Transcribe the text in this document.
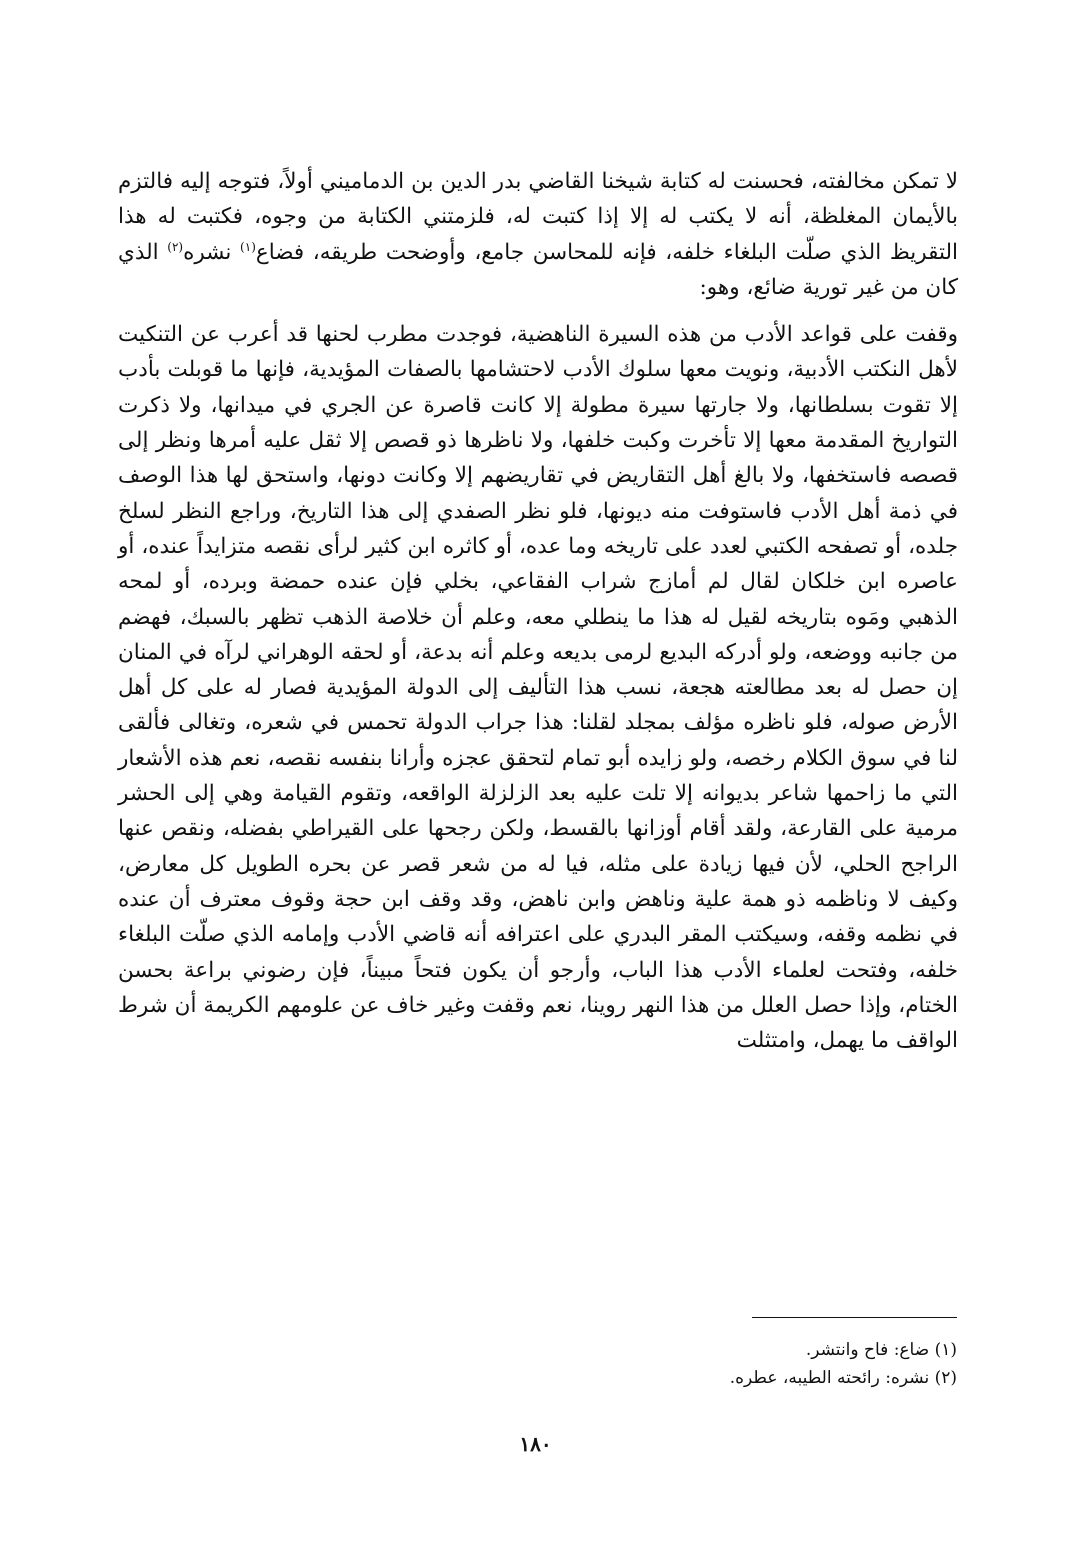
لا تمكن مخالفته، فحسنت له كتابة شيخنا القاضي بدر الدين بن الدماميني أولاً، فتوجه إليه فالتزم بالأيمان المغلظة، أنه لا يكتب له إلا إذا كتبت له، فلزمتني الكتابة من وجوه، فكتبت له هذا التقريظ الذي صلّت البلغاء خلفه، فإنه للمحاسن جامع، وأوضحت طريقه، فضاع$^{(١)}$ نشره$^{(٢)}$ الذي كان من غير تورية ضائع، وهو:

وقفت على قواعد الأدب من هذه السيرة الناهضية، فوجدت مطرب لحنها قد أعرب عن التنكيت لأهل النكتب الأدبية، ونويت معها سلوك الأدب لاحتشامها بالصفات المؤيدية، فإنها ما قوبلت بأدب إلا تقوت بسلطانها، ولا جارتها سيرة مطولة إلا كانت قاصرة عن الجري في ميدانها، ولا ذكرت التواريخ المقدمة معها إلا تأخرت وكبت خلفها، ولا ناظرها ذو قصص إلا ثقل عليه أمرها ونظر إلى قصصه فاستخفها، ولا بالغ أهل التقاريض في تقاريضهم إلا وكانت دونها، واستحق لها هذا الوصف في ذمة أهل الأدب فاستوفت منه ديونها، فلو نظر الصفدي إلى هذا التاريخ، وراجع النظر لسلخ جلده، أو تصفحه الكتبي لعدد على تاريخه وما عده، أو كاثره ابن كثير لرأى نقصه متزايداً عنده، أو عاصره ابن خلكان لقال لم أمازج شراب الفقاعي، بخلي فإن عنده حمضة وبرده، أو لمحه الذهبي ومَوه بتاريخه لقيل له هذا ما ينطلي معه، وعلم أن خلاصة الذهب تظهر بالسبك، فهضم من جانبه ووضعه، ولو أدركه البديع لرمى بديعه وعلم أنه بدعة، أو لحقه الوهراني لرآه في المنان إن حصل له بعد مطالعته هجعة، نسب هذا التأليف إلى الدولة المؤيدية فصار له على كل أهل الأرض صوله، فلو ناظره مؤلف بمجلد لقلنا: هذا جراب الدولة تحمس في شعره، وتغالى فألقى لنا في سوق الكلام رخصه، ولو زايده أبو تمام لتحقق عجزه وأرانا بنفسه نقصه، نعم هذه الأشعار التي ما زاحمها شاعر بديوانه إلا تلت عليه بعد الزلزلة الواقعه، وتقوم القيامة وهي إلى الحشر مرمية على القارعة، ولقد أقام أوزانها بالقسط، ولكن رجحها على القيراطي بفضله، ونقص عنها الراجح الحلي، لأن فيها زيادة على مثله، فيا له من شعر قصر عن بحره الطويل كل معارض، وكيف لا وناظمه ذو همة علية وناهض وابن ناهض، وقد وقف ابن حجة وقوف معترف أن عنده في نظمه وقفه، وسيكتب المقر البدري على اعترافه أنه قاضي الأدب وإمامه الذي صلّت البلغاء خلفه، وفتحت لعلماء الأدب هذا الباب، وأرجو أن يكون فتحاً مبيناً، فإن رضوني براعة بحسن الختام، وإذا حصل العلل من هذا النهر روينا، نعم وقفت وغير خاف عن علومهم الكريمة أن شرط الواقف ما يهمل، وامتثلت

(١) ضاع: فاح وانتشر.
(٢) نشره: رائحته الطيبه، عطره.
١٨٠
